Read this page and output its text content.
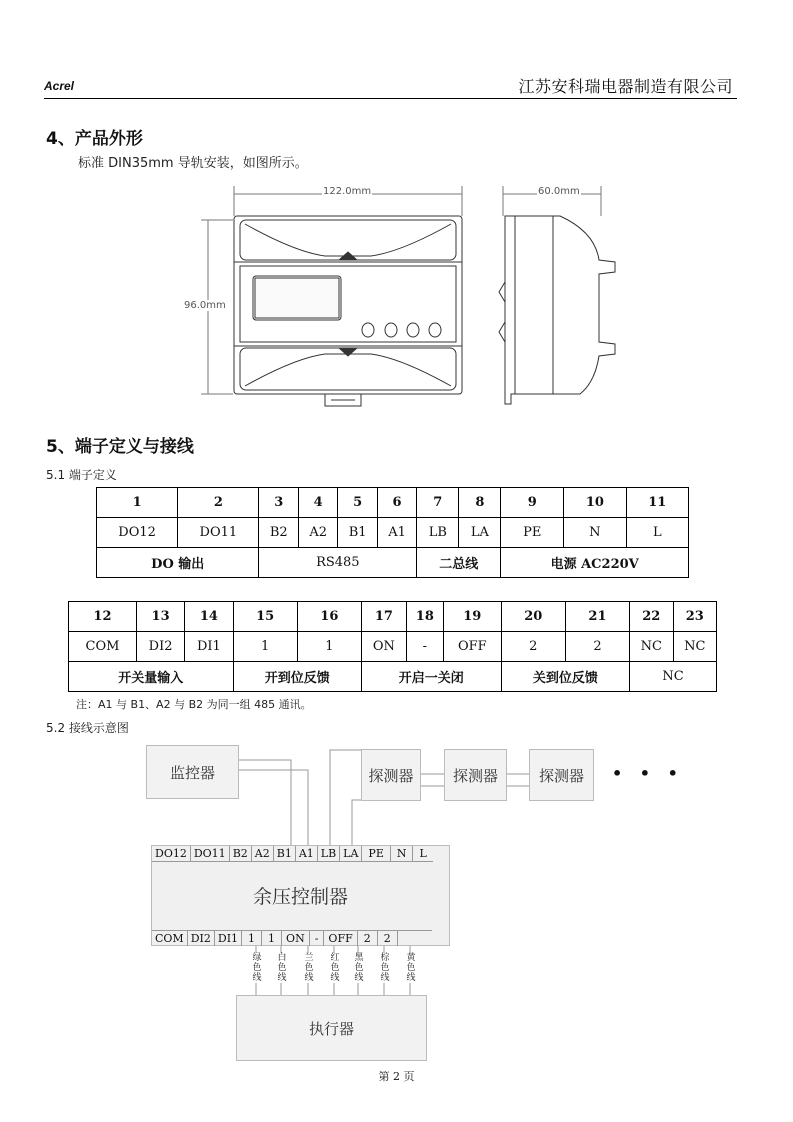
Acrel	江苏安科瑞电器制造有限公司
4、产品外形
标准 DIN35mm 导轨安装，如图所示。
122.0mm
96.0mm
60.0mm
5、端子定义与接线
5.1 端子定义
1	2	3	4	5	6	7	8	9	10	11
DO12	DO11	B2	A2	B1	A1	LB	LA	PE	N	L
DO 输出		RS485				二总线		电源 AC220V		
12	13	14	15	16	17	18	19	20	21	22	23
COM	DI2	DI1	1	1	ON	-	OFF	2	2	NC	NC
开关量输入			开到位反馈		开启一关闭			关到位反馈		NC	
注：A1 与 B1、A2 与 B2 为同一组 485 通讯。
5.2 接线示意图
监控器	探测器	探测器	探测器	• • •
余压控制器
DO12 DO11 B2 A2 B1 A1 LB LA PE	N	L
COM DI2 DI1 1	1	ON - OFF	2	2
绿色线
白色线
兰色线
红色线
黑色线
棕色线
黄色线
执行器
第 2 页
